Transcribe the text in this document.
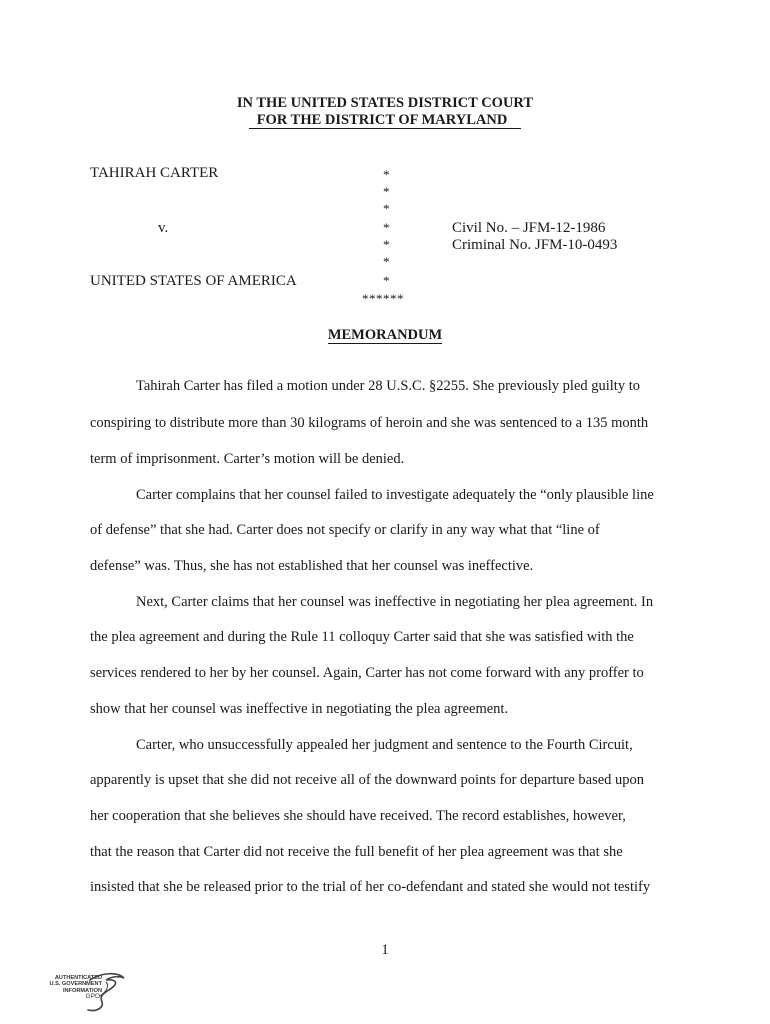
IN THE UNITED STATES DISTRICT COURT
FOR THE DISTRICT OF MARYLAND
TAHIRAH CARTER
v.
UNITED STATES OF AMERICA
*
*
*
*
*
*
*
******
Civil No. – JFM-12-1986
Criminal No. JFM-10-0493
MEMORANDUM
Tahirah Carter has filed a motion under 28 U.S.C. §2255. She previously pled guilty to
conspiring to distribute more than 30 kilograms of heroin and she was sentenced to a 135 month
term of imprisonment. Carter’s motion will be denied.
Carter complains that her counsel failed to investigate adequately the “only plausible line
of defense” that she had. Carter does not specify or clarify in any way what that “line of
defense” was. Thus, she has not established that her counsel was ineffective.
Next, Carter claims that her counsel was ineffective in negotiating her plea agreement. In
the plea agreement and during the Rule 11 colloquy Carter said that she was satisfied with the
services rendered to her by her counsel. Again, Carter has not come forward with any proffer to
show that her counsel was ineffective in negotiating the plea agreement.
Carter, who unsuccessfully appealed her judgment and sentence to the Fourth Circuit,
apparently is upset that she did not receive all of the downward points for departure based upon
her cooperation that she believes she should have received. The record establishes, however,
that the reason that Carter did not receive the full benefit of her plea agreement was that she
insisted that she be released prior to the trial of her co-defendant and stated she would not testify
1
AUTHENTICATED
U.S. GOVERNMENT
INFORMATION
GPO
